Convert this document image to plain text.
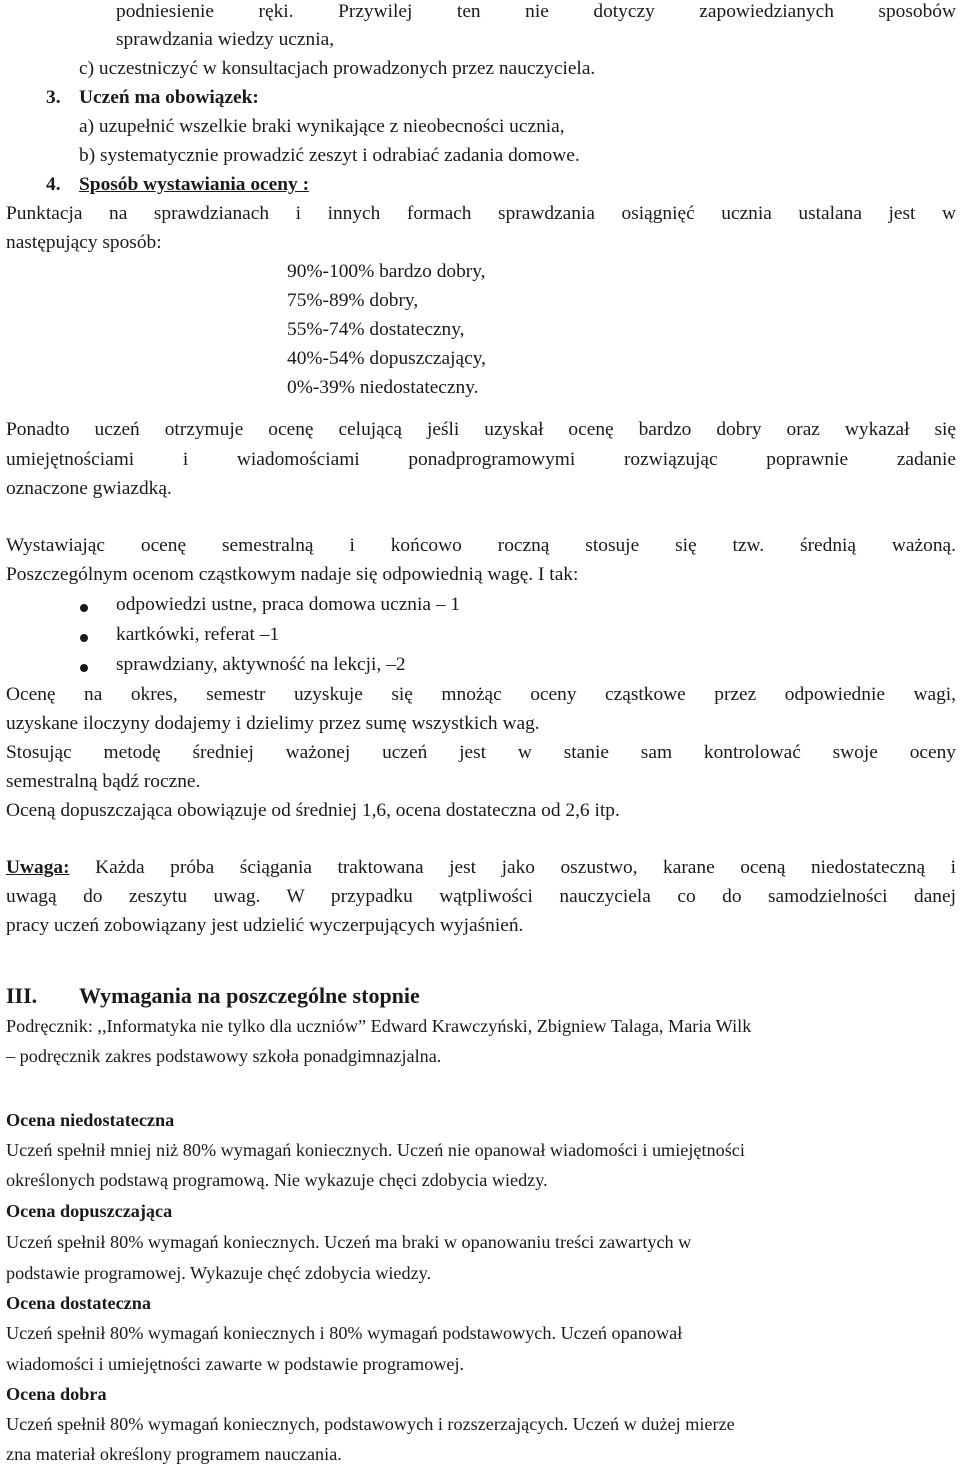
podniesienie ręki. Przywilej ten nie dotyczy zapowiedzianych sposobów
sprawdzania wiedzy ucznia,
c) uczestniczyć w konsultacjach prowadzonych przez nauczyciela.
3. Uczeń ma obowiązek:
a) uzupełnić wszelkie braki wynikające z nieobecności ucznia,
b) systematycznie prowadzić zeszyt i odrabiać zadania domowe.
4. Sposób wystawiania oceny :
Punktacja na sprawdzianach i innych formach sprawdzania osiągnięć ucznia ustalana jest w
następujący sposób:
90%-100% bardzo dobry,
75%-89% dobry,
55%-74% dostateczny,
40%-54% dopuszczający,
0%-39% niedostateczny.
Ponadto uczeń otrzymuje ocenę celującą jeśli uzyskał ocenę bardzo dobry oraz wykazał się
umiejętnościami i wiadomościami ponadprogramowymi rozwiązując poprawnie zadanie
oznaczone gwiazdką.
Wystawiając ocenę semestralną i końcowo roczną stosuje się tzw. średnią ważoną.
Poszczególnym ocenom cząstkowym nadaje się odpowiednią wagę. I tak:
odpowiedzi ustne, praca domowa ucznia – 1
kartkówki, referat –1
sprawdziany, aktywność na lekcji, –2
Ocenę na okres, semestr uzyskuje się mnożąc oceny cząstkowe przez odpowiednie wagi,
uzyskane iloczyny dodajemy i dzielimy przez sumę wszystkich wag.
Stosując metodę średniej ważonej uczeń jest w stanie sam kontrolować swoje oceny
semestralną bądź roczne.
Oceną dopuszczająca obowiązuje od średniej 1,6, ocena dostateczna od 2,6 itp.
Uwaga: Każda próba ściągania traktowana jest jako oszustwo, karane oceną niedostateczną i
uwagą do zeszytu uwag. W przypadku wątpliwości nauczyciela co do samodzielności danej
pracy uczeń zobowiązany jest udzielić wyczerpujących wyjaśnień.
III. Wymagania na poszczególne stopnie
Podręcznik: ,,Informatyka nie tylko dla uczniów” Edward Krawczyński, Zbigniew Talaga, Maria Wilk
– podręcznik zakres podstawowy szkoła ponadgimnazjalna.
Ocena niedostateczna
Uczeń spełnił mniej niż 80% wymagań koniecznych. Uczeń nie opanował wiadomości i umiejętności
określonych podstawą programową. Nie wykazuje chęci zdobycia wiedzy.
Ocena dopuszczająca
Uczeń spełnił 80% wymagań koniecznych. Uczeń ma braki w opanowaniu treści zawartych w
podstawie programowej. Wykazuje chęć zdobycia wiedzy.
Ocena dostateczna
Uczeń spełnił 80% wymagań koniecznych i 80% wymagań podstawowych. Uczeń opanował
wiadomości i umiejętności zawarte w podstawie programowej.
Ocena dobra
Uczeń spełnił 80% wymagań koniecznych, podstawowych i rozszerzających. Uczeń w dużej mierze
zna materiał określony programem nauczania.
